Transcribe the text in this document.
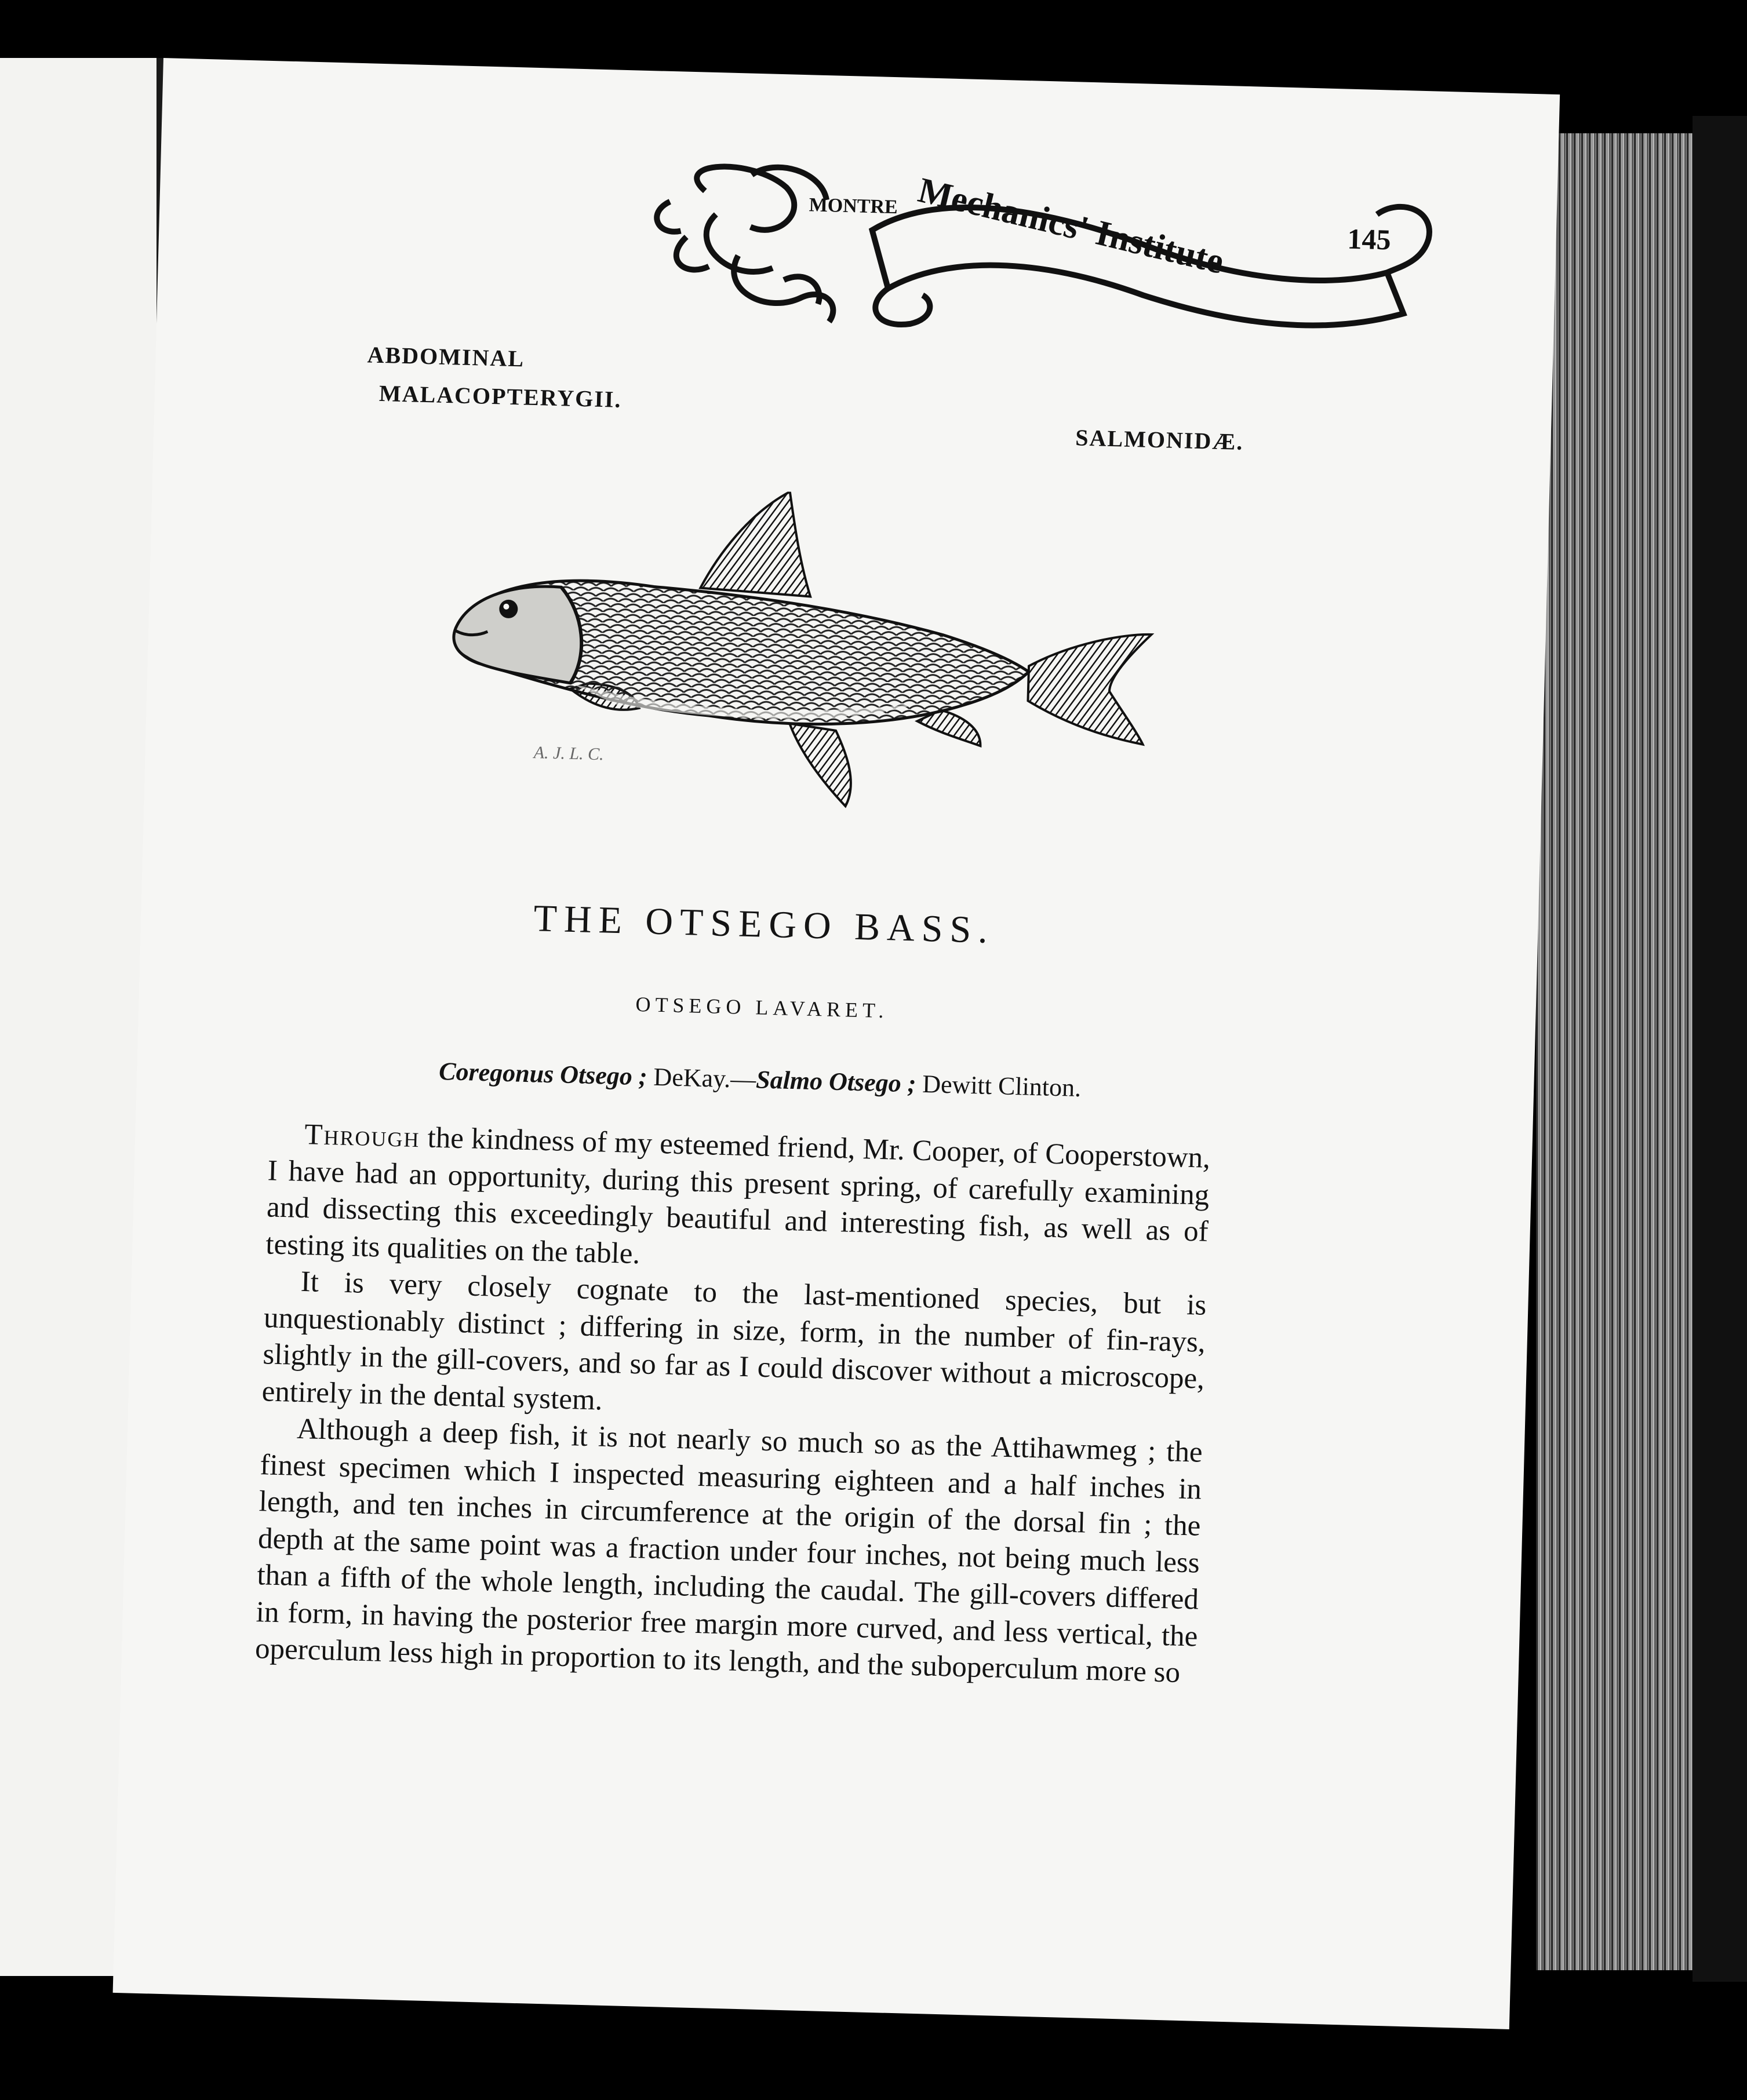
Mechanics' Institute
MONTRE
145
ABDOMINAL
MALACOPTERYGII.
SALMONIDÆ.
A. J. L. C.
THE OTSEGO BASS.
OTSEGO LAVARET.
Coregonus Otsego ; DeKay.—Salmo Otsego ; Dewitt Clinton.

Through the kindness of my esteemed friend, Mr. Cooper, of Cooperstown, I have had an opportunity, during this present spring, of carefully examining and dissecting this exceedingly beautiful and interesting fish, as well as of testing its qualities on the table.

It is very closely cognate to the last-mentioned species, but is unquestionably distinct ; differing in size, form, in the number of fin-rays, slightly in the gill-covers, and so far as I could discover without a microscope, entirely in the dental system.

Although a deep fish, it is not nearly so much so as the Attihawmeg ; the finest specimen which I inspected measuring eighteen and a half inches in length, and ten inches in circumference at the origin of the dorsal fin ; the depth at the same point was a fraction under four inches, not being much less than a fifth of the whole length, including the caudal. The gill-covers differed in form, in having the posterior free margin more curved, and less vertical, the operculum less high in proportion to its length, and the suboperculum more so
